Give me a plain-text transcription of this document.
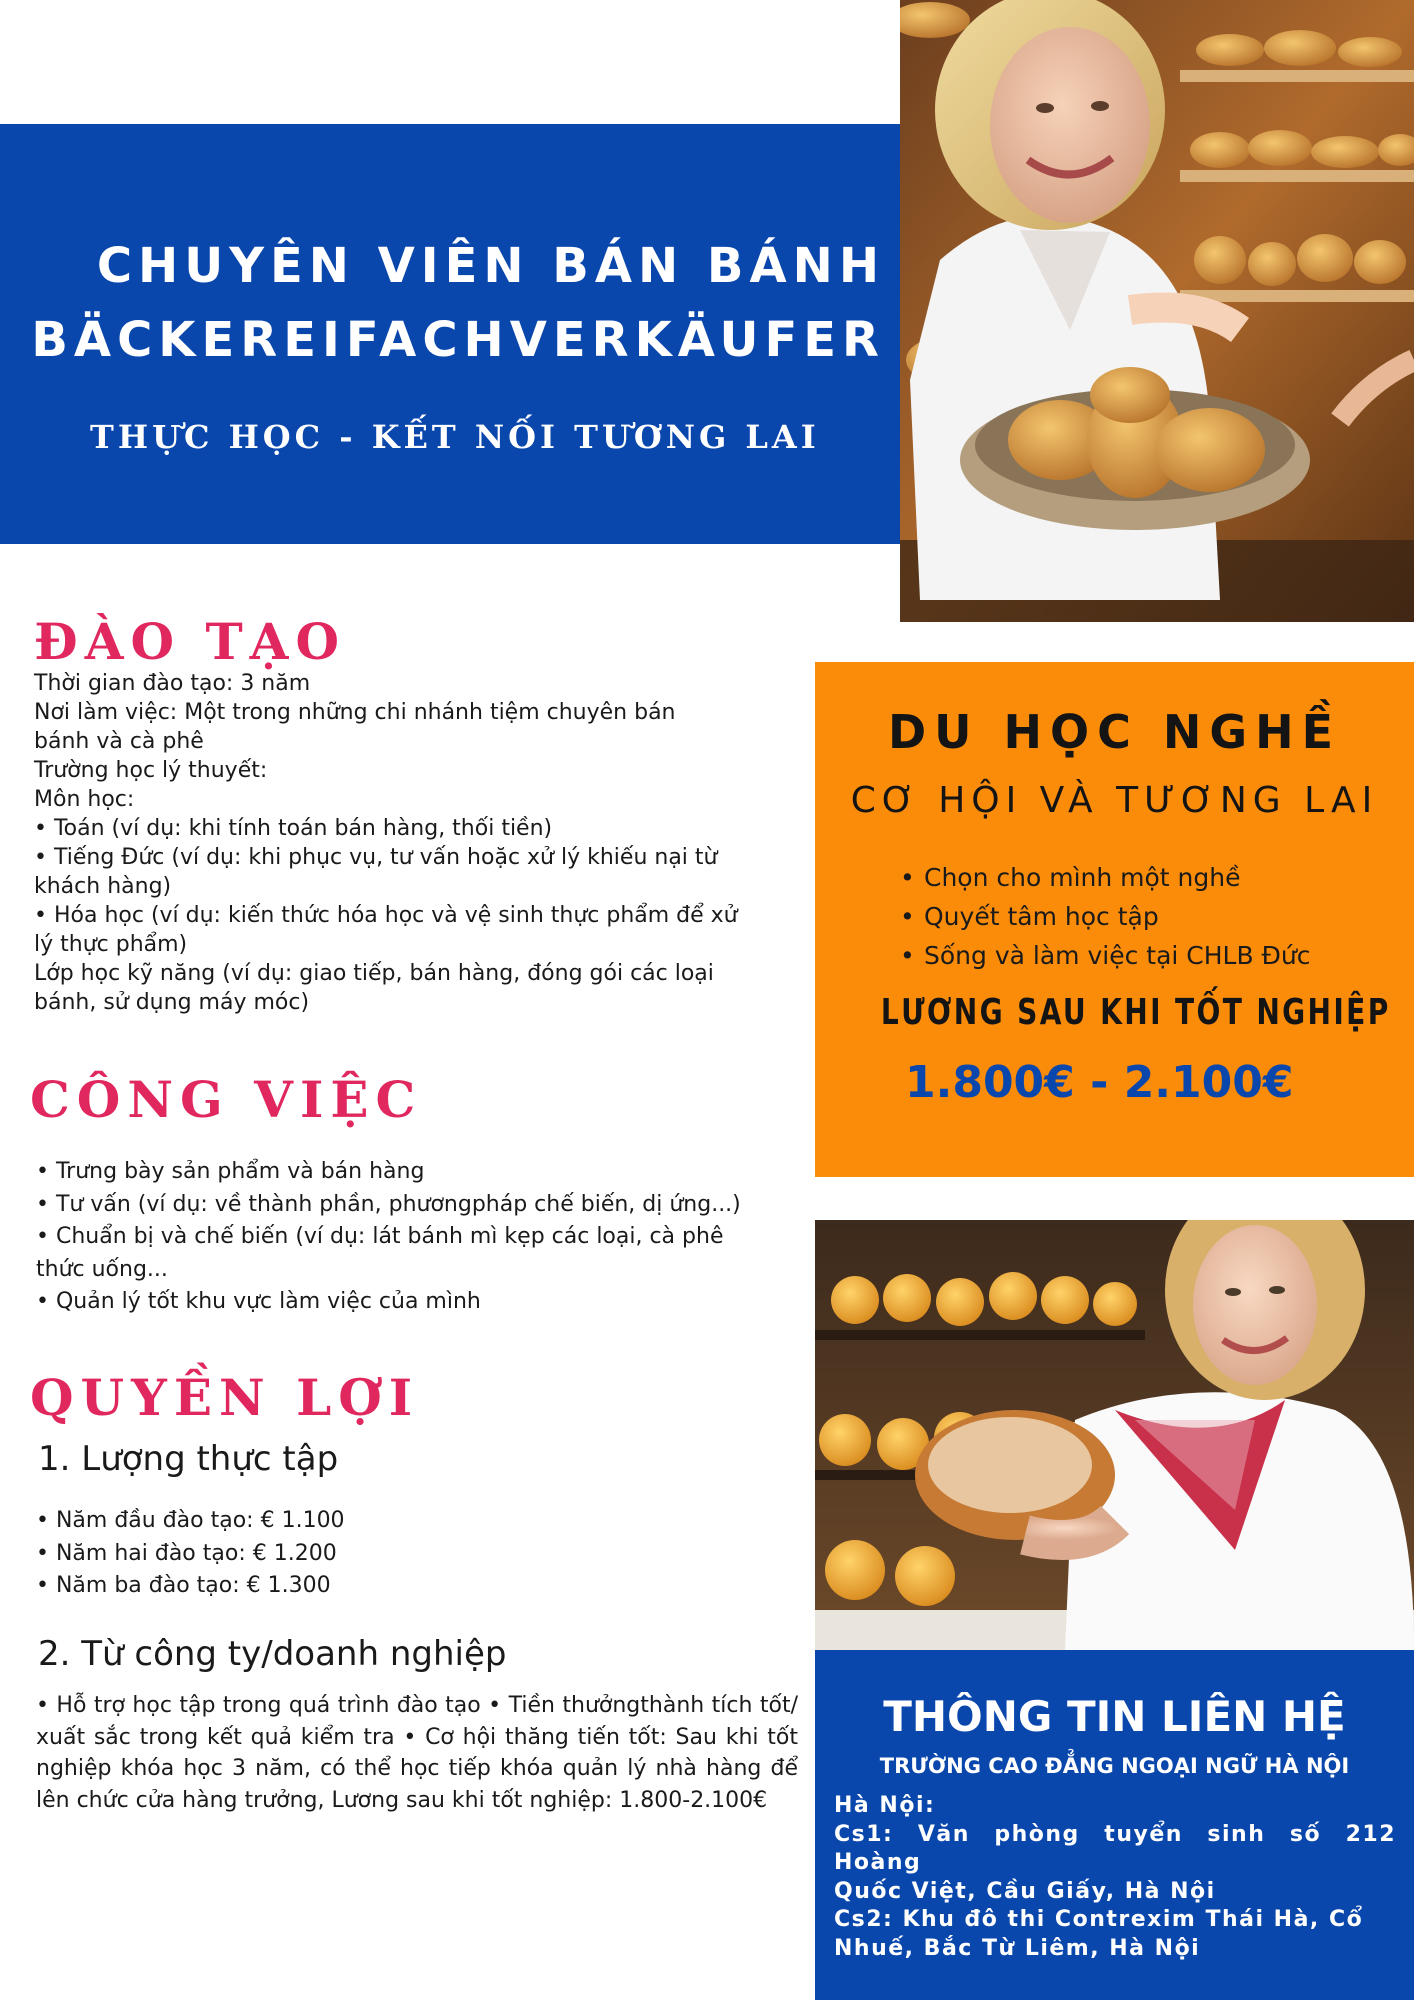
CHUYÊN VIÊN BÁN BÁNH
BÄCKEREIFACHVERKÄUFER
THỰC HỌC - KẾT NỐI TƯƠNG LAI
ĐÀO TẠO
Thời gian đào tạo: 3 năm
Nơi làm việc: Một trong những chi nhánh tiệm chuyên bán
bánh và cà phê
Trường học lý thuyết:
Môn học:
• Toán (ví dụ: khi tính toán bán hàng, thối tiền)
• Tiếng Đức (ví dụ: khi phục vụ, tư vấn hoặc xử lý khiếu nại từ
khách hàng)
• Hóa học (ví dụ: kiến thức hóa học và vệ sinh thực phẩm để xử
lý thực phẩm)
Lớp học kỹ năng (ví dụ: giao tiếp, bán hàng, đóng gói các loại
bánh, sử dụng máy móc)
CÔNG VIỆC
• Trưng bày sản phẩm và bán hàng
• Tư vấn (ví dụ: về thành phần, phươngpháp chế biến, dị ứng...)
• Chuẩn bị và chế biến (ví dụ: lát bánh mì kẹp các loại, cà phê
thức uống...
• Quản lý tốt khu vực làm việc của mình
QUYỀN LỢI
1. Lượng thực tập
• Năm đầu đào tạo: € 1.100
• Năm hai đào tạo: € 1.200
• Năm ba đào tạo: € 1.300
2. Từ công ty/doanh nghiệp
• Hỗ trợ học tập trong quá trình đào tạo • Tiền thưởngthành tích tốt/ xuất sắc trong kết quả kiểm tra • Cơ hội thăng tiến tốt: Sau khi tốt nghiệp khóa học 3 năm, có thể học tiếp khóa quản lý nhà hàng để lên chức cửa hàng trưởng, Lương sau khi tốt nghiệp: 1.800-2.100€
DU HỌC NGHỀ
CƠ HỘI VÀ TƯƠNG LAI
• Chọn cho mình một nghề
• Quyết tâm học tập
• Sống và làm việc tại CHLB Đức
LƯƠNG SAU KHI TỐT NGHIỆP
1.800€ - 2.100€
THÔNG TIN LIÊN HỆ
TRƯỜNG CAO ĐẲNG NGOẠI NGỮ HÀ NỘI
Hà Nội:
Cs1: Văn phòng tuyển sinh số 212 Hoàng
Quốc Việt, Cầu Giấy, Hà Nội
Cs2: Khu đô thi Contrexim Thái Hà, Cổ
Nhuế, Bắc Từ Liêm, Hà Nội
